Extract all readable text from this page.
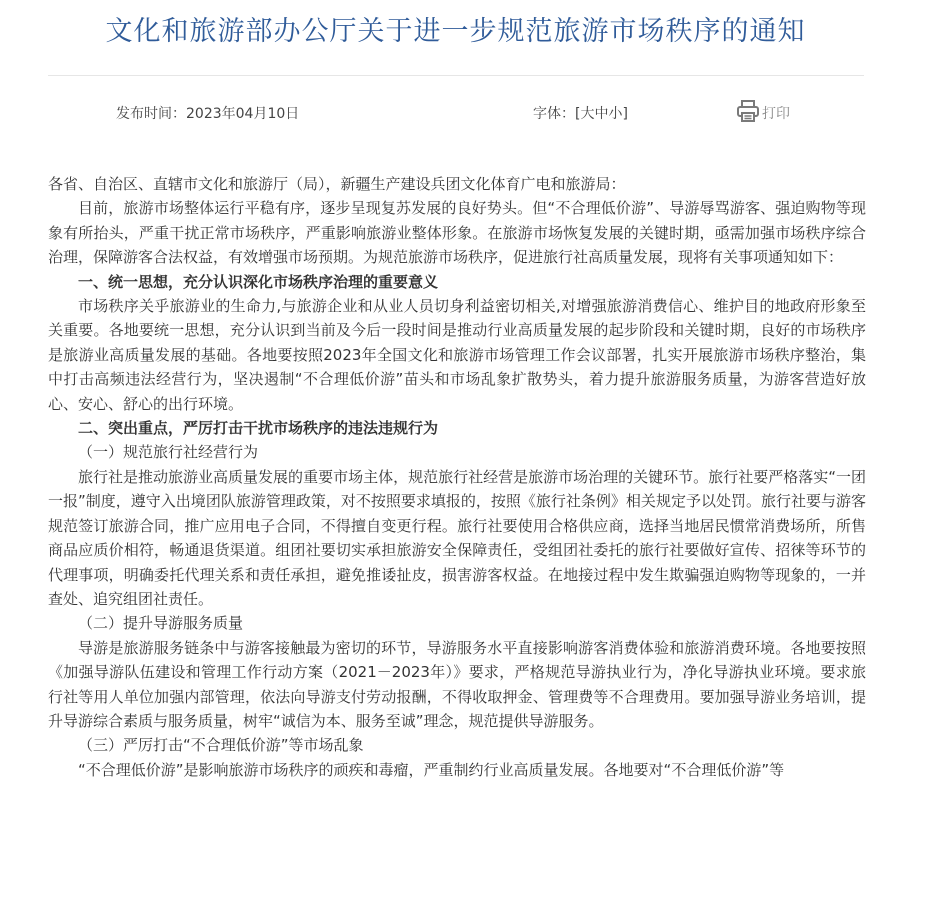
文化和旅游部办公厅关于进一步规范旅游市场秩序的通知
发布时间：2023年04月10日	字体：[大中小]	打印

各省、自治区、直辖市文化和旅游厅（局），新疆生产建设兵团文化体育广电和旅游局：

目前，旅游市场整体运行平稳有序，逐步呈现复苏发展的良好势头。但“不合理低价游”、导游辱骂游客、强迫购物等现象有所抬头，严重干扰正常市场秩序，严重影响旅游业整体形象。在旅游市场恢复发展的关键时期，亟需加强市场秩序综合治理，保障游客合法权益，有效增强市场预期。为规范旅游市场秩序，促进旅行社高质量发展，现将有关事项通知如下：

一、统一思想，充分认识深化市场秩序治理的重要意义

市场秩序关乎旅游业的生命力,与旅游企业和从业人员切身利益密切相关,对增强旅游消费信心、维护目的地政府形象至关重要。各地要统一思想，充分认识到当前及今后一段时间是推动行业高质量发展的起步阶段和关键时期，良好的市场秩序是旅游业高质量发展的基础。各地要按照2023年全国文化和旅游市场管理工作会议部署，扎实开展旅游市场秩序整治，集中打击高频违法经营行为，坚决遏制“不合理低价游”苗头和市场乱象扩散势头，着力提升旅游服务质量，为游客营造好放心、安心、舒心的出行环境。

二、突出重点，严厉打击干扰市场秩序的违法违规行为

（一）规范旅行社经营行为

旅行社是推动旅游业高质量发展的重要市场主体，规范旅行社经营是旅游市场治理的关键环节。旅行社要严格落实“一团一报”制度，遵守入出境团队旅游管理政策，对不按照要求填报的，按照《旅行社条例》相关规定予以处罚。旅行社要与游客规范签订旅游合同，推广应用电子合同，不得擅自变更行程。旅行社要使用合格供应商，选择当地居民惯常消费场所，所售商品应质价相符，畅通退货渠道。组团社要切实承担旅游安全保障责任，受组团社委托的旅行社要做好宣传、招徕等环节的代理事项，明确委托代理关系和责任承担，避免推诿扯皮，损害游客权益。在地接过程中发生欺骗强迫购物等现象的，一并查处、追究组团社责任。

（二）提升导游服务质量

导游是旅游服务链条中与游客接触最为密切的环节，导游服务水平直接影响游客消费体验和旅游消费环境。各地要按照《加强导游队伍建设和管理工作行动方案（2021－2023年）》要求，严格规范导游执业行为，净化导游执业环境。要求旅行社等用人单位加强内部管理，依法向导游支付劳动报酬，不得收取押金、管理费等不合理费用。要加强导游业务培训，提升导游综合素质与服务质量，树牢“诚信为本、服务至诚”理念，规范提供导游服务。

（三）严厉打击“不合理低价游”等市场乱象

“不合理低价游”是影响旅游市场秩序的顽疾和毒瘤，严重制约行业高质量发展。各地要对“不合理低价游”等
